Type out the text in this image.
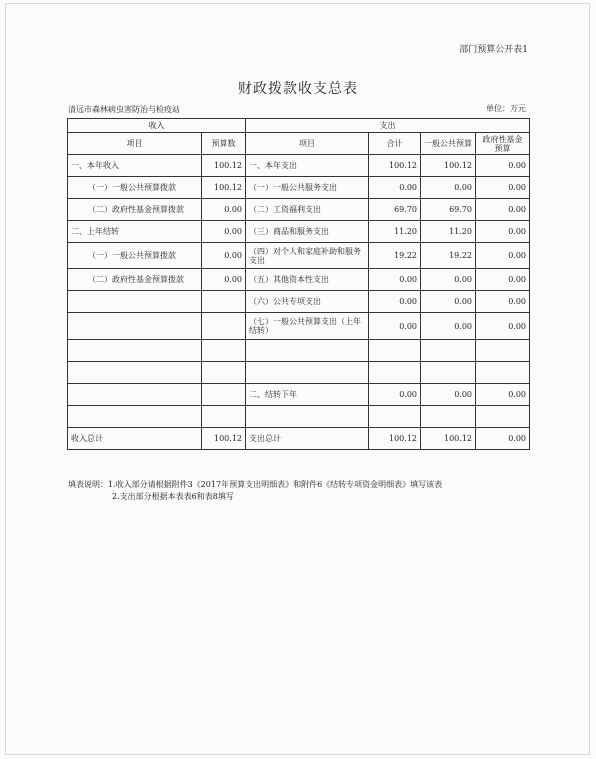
部门预算公开表1
财政拨款收支总表
清远市森林病虫害防治与检疫站	单位：万元
收入		支出			
项目	预算数	项目	合计	一般公共预算	政府性基金预算
一、本年收入	100.12	一、本年支出	100.12	100.12	0.00
（一）一般公共预算拨款	100.12	（一）一般公共服务支出	0.00	0.00	0.00
（二）政府性基金预算拨款	0.00	（二）工资福利支出	69.70	69.70	0.00
二、上年结转	0.00	（三）商品和服务支出	11.20	11.20	0.00
（一）一般公共预算拨款	0.00	（四）对个人和家庭补助和服务支出	19.22	19.22	0.00
（二）政府性基金预算拨款	0.00	（五）其他资本性支出	0.00	0.00	0.00
		（六）公共专项支出	0.00	0.00	0.00
		（七）一般公共预算支出（上年结转）	0.00	0.00	0.00

		二、结转下年	0.00	0.00	0.00

收入总计	100.12	支出总计	100.12	100.12	0.00
填表说明：1.收入部分请根据附件3《2017年预算支出明细表》和附件6《结转专项资金明细表》填写该表
2.支出部分根据本表表6和表8填写
